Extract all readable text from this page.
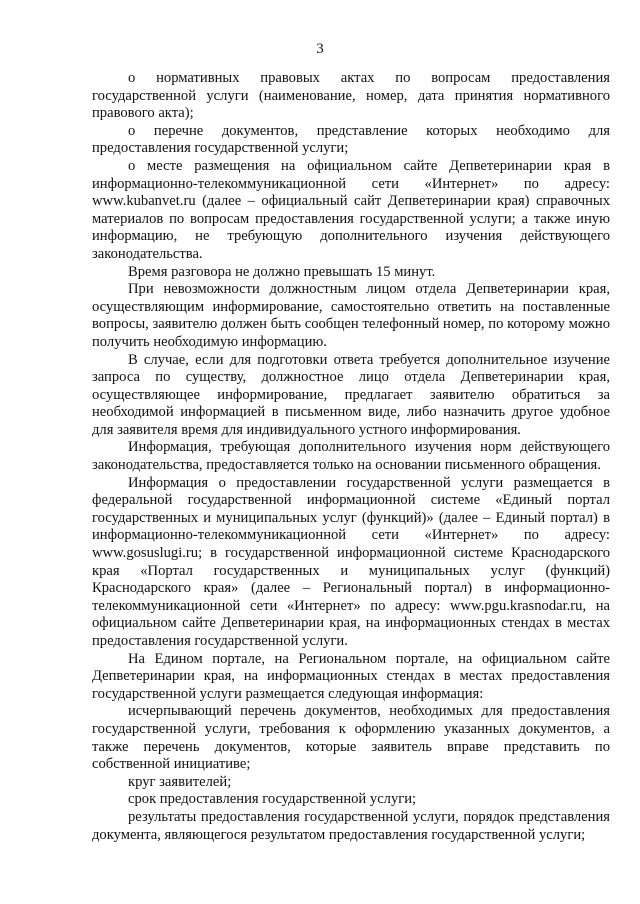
3

о нормативных правовых актах по вопросам предоставления государственной услуги (наименование, номер, дата принятия нормативного правового акта);

о перечне документов, представление которых необходимо для предоставления государственной услуги;

о месте размещения на официальном сайте Депветеринарии края в информационно-телекоммуникационной сети «Интернет» по адресу: www.kubanvet.ru (далее – официальный сайт Депветеринарии края) справочных материалов по вопросам предоставления государственной услуги; а также иную информацию, не требующую дополнительного изучения действующего законодательства.

Время разговора не должно превышать 15 минут.

При невозможности должностным лицом отдела Депветеринарии края, осуществляющим информирование, самостоятельно ответить на поставленные вопросы, заявителю должен быть сообщен телефонный номер, по которому можно получить необходимую информацию.

В случае, если для подготовки ответа требуется дополнительное изучение запроса по существу, должностное лицо отдела Депветеринарии края, осуществляющее информирование, предлагает заявителю обратиться за необходимой информацией в письменном виде, либо назначить другое удобное для заявителя время для индивидуального устного информирования.

Информация, требующая дополнительного изучения норм действующего законодательства, предоставляется только на основании письменного обращения.

Информация о предоставлении государственной услуги размещается в федеральной государственной информационной системе «Единый портал государственных и муниципальных услуг (функций)» (далее – Единый портал) в информационно-телекоммуникационной сети «Интернет» по адресу: www.gosuslugi.ru; в государственной информационной системе Краснодарского края «Портал государственных и муниципальных услуг (функций) Краснодарского края» (далее – Региональный портал) в информационно-телекоммуникационной сети «Интернет» по адресу: www.pgu.krasnodar.ru, на официальном сайте Депветеринарии края, на информационных стендах в местах предоставления государственной услуги.

На Едином портале, на Региональном портале, на официальном сайте Депветеринарии края, на информационных стендах в местах предоставления государственной услуги размещается следующая информация:

исчерпывающий перечень документов, необходимых для предоставления государственной услуги, требования к оформлению указанных документов, а также перечень документов, которые заявитель вправе представить по собственной инициативе;

круг заявителей;

срок предоставления государственной услуги;

результаты предоставления государственной услуги, порядок представления документа, являющегося результатом предоставления государственной услуги;
